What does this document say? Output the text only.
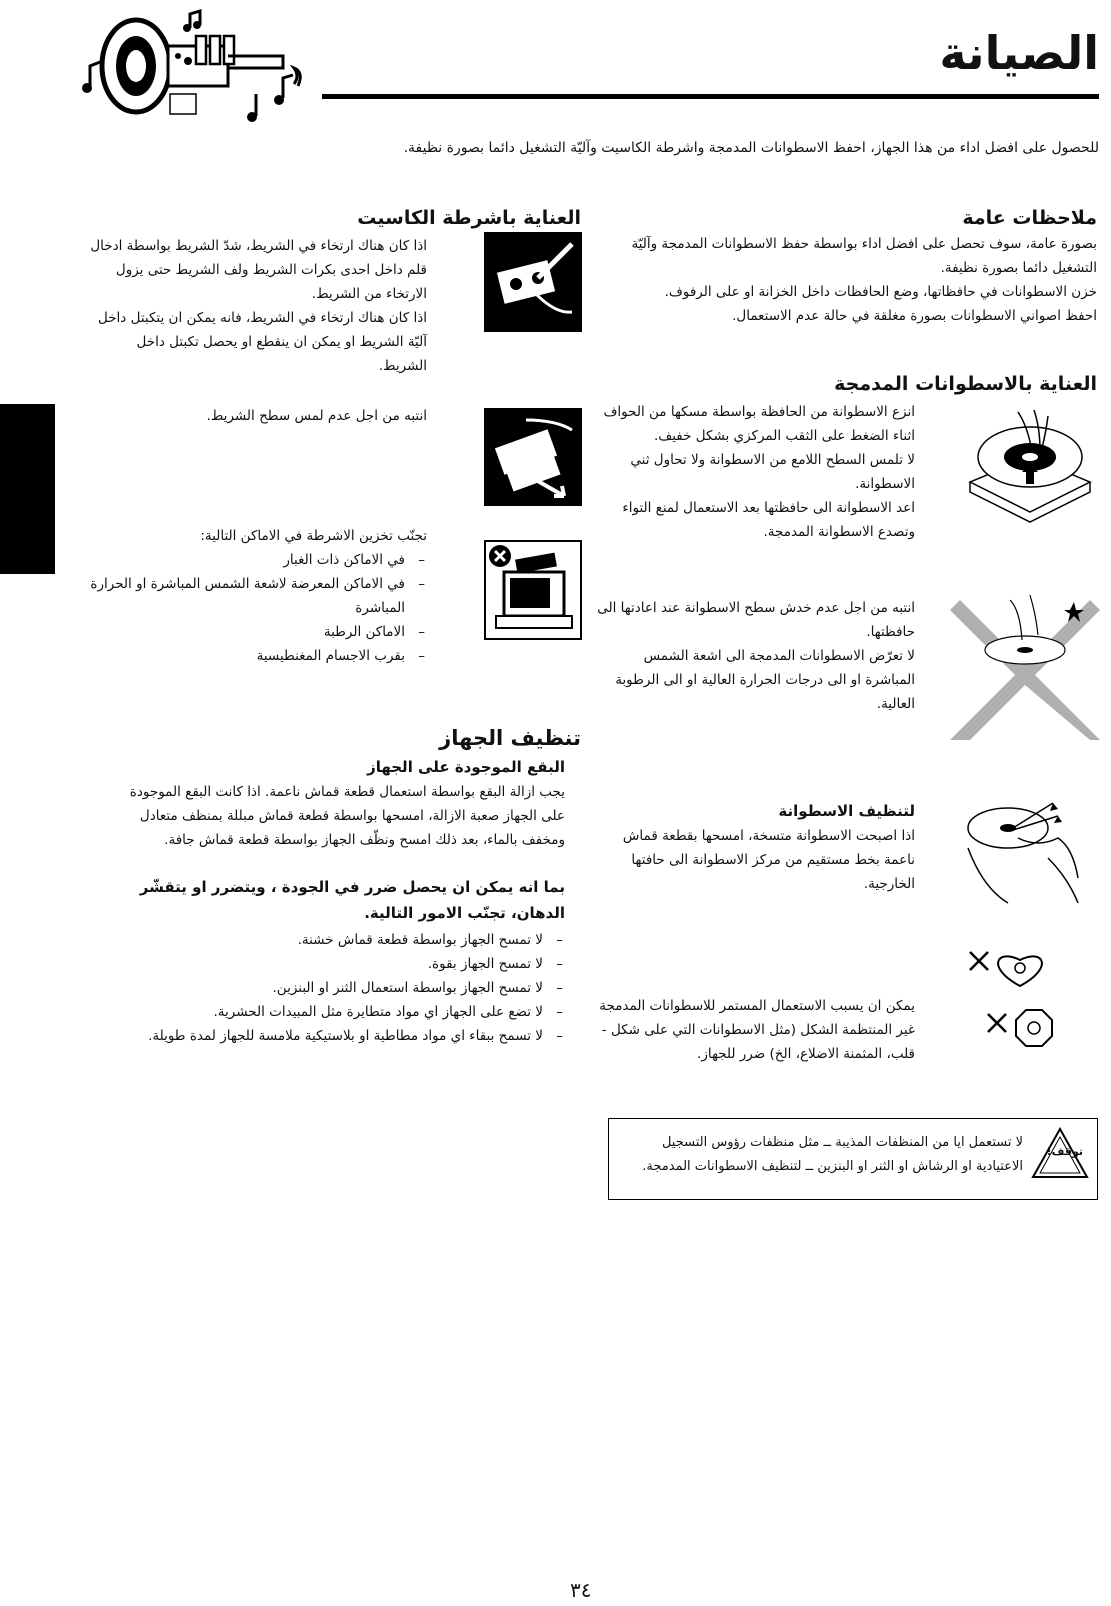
الصيانة
للحصول على افضل اداء من هذا الجهاز، احفظ الاسطوانات المدمجة واشرطة الكاسيت وآليّة التشغيل دائما بصورة نظيفة.
ملاحظات عامة

بصورة عامة، سوف تحصل على افضل اداء بواسطة حفظ الاسطوانات المدمجة وآليّة التشغيل دائما بصورة نظيفة.

خزن الاسطوانات في حافظاتها، وضع الحافظات داخل الخزانة او على الرفوف.

احفظ اصواني الاسطوانات بصورة مغلقة في حالة عدم الاستعمال.

العناية بالاسطوانات المدمجة

انزع الاسطوانة من الحافظة بواسطة مسكها من الحواف اثناء الضغط على الثقب المركزي بشكل خفيف.

لا تلمس السطح اللامع من الاسطوانة ولا تحاول ثني الاسطوانة.

اعد الاسطوانة الى حافظتها بعد الاستعمال لمنع التواء وتصدع الاسطوانة المدمجة.

انتبه من اجل عدم خدش سطح الاسطوانة عند اعادتها الى حافظتها.

لا تعرّض الاسطوانات المدمجة الى اشعة الشمس المباشرة او الى درجات الحرارة العالية او الى الرطوبة العالية.

لتنظيف الاسطوانة
اذا اصبحت الاسطوانة متسخة، امسحها بقطعة قماش ناعمة بخط مستقيم من مركز الاسطوانة الى حافتها الخارجية.
يمكن ان يسبب الاستعمال المستمر للاسطوانات المدمجة غير المنتظمة الشكل (مثل الاسطوانات التي على شكل - قلب، المثمنة الاضلاع، الخ) ضرر للجهاز.
العناية باشرطة الكاسيت

اذا كان هناك ارتخاء في الشريط، شدّ الشريط بواسطة ادخال قلم داخل احدى بكرات الشريط ولف الشريط حتى يزول الارتخاء من الشريط.

اذا كان هناك ارتخاء في الشريط، فانه يمكن ان يتكبتل داخل آليّة الشريط او يمكن ان ينقطع او يحصل تكبتل داخل الشريط.

انتبه من اجل عدم لمس سطح الشريط.

تجنّب تخزين الاشرطة في الاماكن التالية:

– في الاماكن ذات الغبار
– في الاماكن المعرضة لاشعة الشمس المباشرة او الحرارة المباشرة
– الاماكن الرطبة
– بقرب الاجسام المغنطيسية
تنظيف الجهاز
البقع الموجودة على الجهاز
يجب ازالة البقع بواسطة استعمال قطعة قماش ناعمة. اذا كانت البقع الموجودة على الجهاز صعبة الازالة، امسحها بواسطة قطعة قماش مبللة بمنظف متعادل ومخفف بالماء، بعد ذلك امسح ونظّف الجهاز بواسطة قطعة قماش جافة.
بما انه يمكن ان يحصل ضرر في الجودة ، ويتضرر او يتقشّر الدهان، تجنّب الامور التالية.
– لا تمسح الجهاز بواسطة قطعة قماش خشنة.
– لا تمسح الجهاز بقوة.
– لا تمسح الجهاز بواسطة استعمال الثنر او البنزين.
– لا تضع على الجهاز اي مواد متطايرة مثل المبيدات الحشرية.
– لا تسمح ببقاء اي مواد مطاطية او بلاستيكية ملامسة للجهاز لمدة طويلة.
توقف!
لا تستعمل ايا من المنظفات المذيبة ــ مثل منظفات رؤوس التسجيل الاعتيادية او الرشاش او الثنر او البنزين ــ لتنظيف الاسطوانات المدمجة.
٣٤
